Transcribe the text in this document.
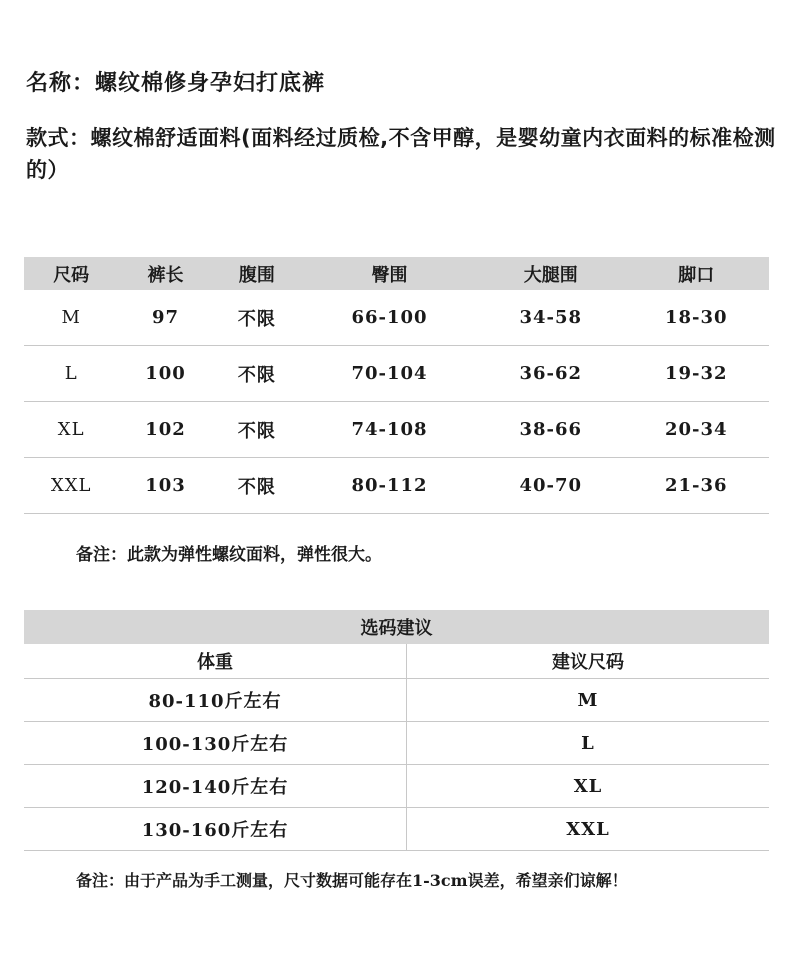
名称：螺纹棉修身孕妇打底裤
款式：螺纹棉舒适面料(面料经过质检,不含甲醇，是婴幼童内衣面料的标准检测的）
尺码	裤长	腹围	臀围	大腿围	脚口
M	97	不限	66-100	34-58	18-30
L	100	不限	70-104	36-62	19-32
XL	102	不限	74-108	38-66	20-34
XXL	103	不限	80-112	40-70	21-36
备注：此款为弹性螺纹面料，弹性很大。
选码建议	
体重	建议尺码
80-110斤左右	M
100-130斤左右	L
120-140斤左右	XL
130-160斤左右	XXL
备注：由于产品为手工测量，尺寸数据可能存在1-3cm误差，希望亲们谅解！
